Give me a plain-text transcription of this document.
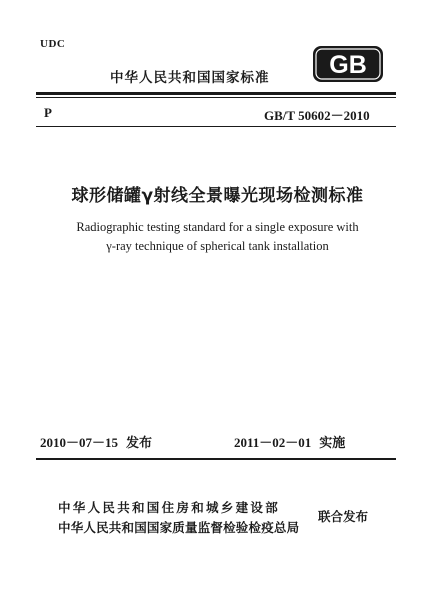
UDC
中华人民共和国国家标准 GB
P	GB/T 50602－2010
球形储罐γ射线全景曝光现场检测标准
Radiographic testing standard for a single exposure with
γ-ray technique of spherical tank installation
2010－07－15 发布	2011－02－01 实施
中华人民共和国住房和城乡建设部
中华人民共和国国家质量监督检验检疫总局
联合发布
